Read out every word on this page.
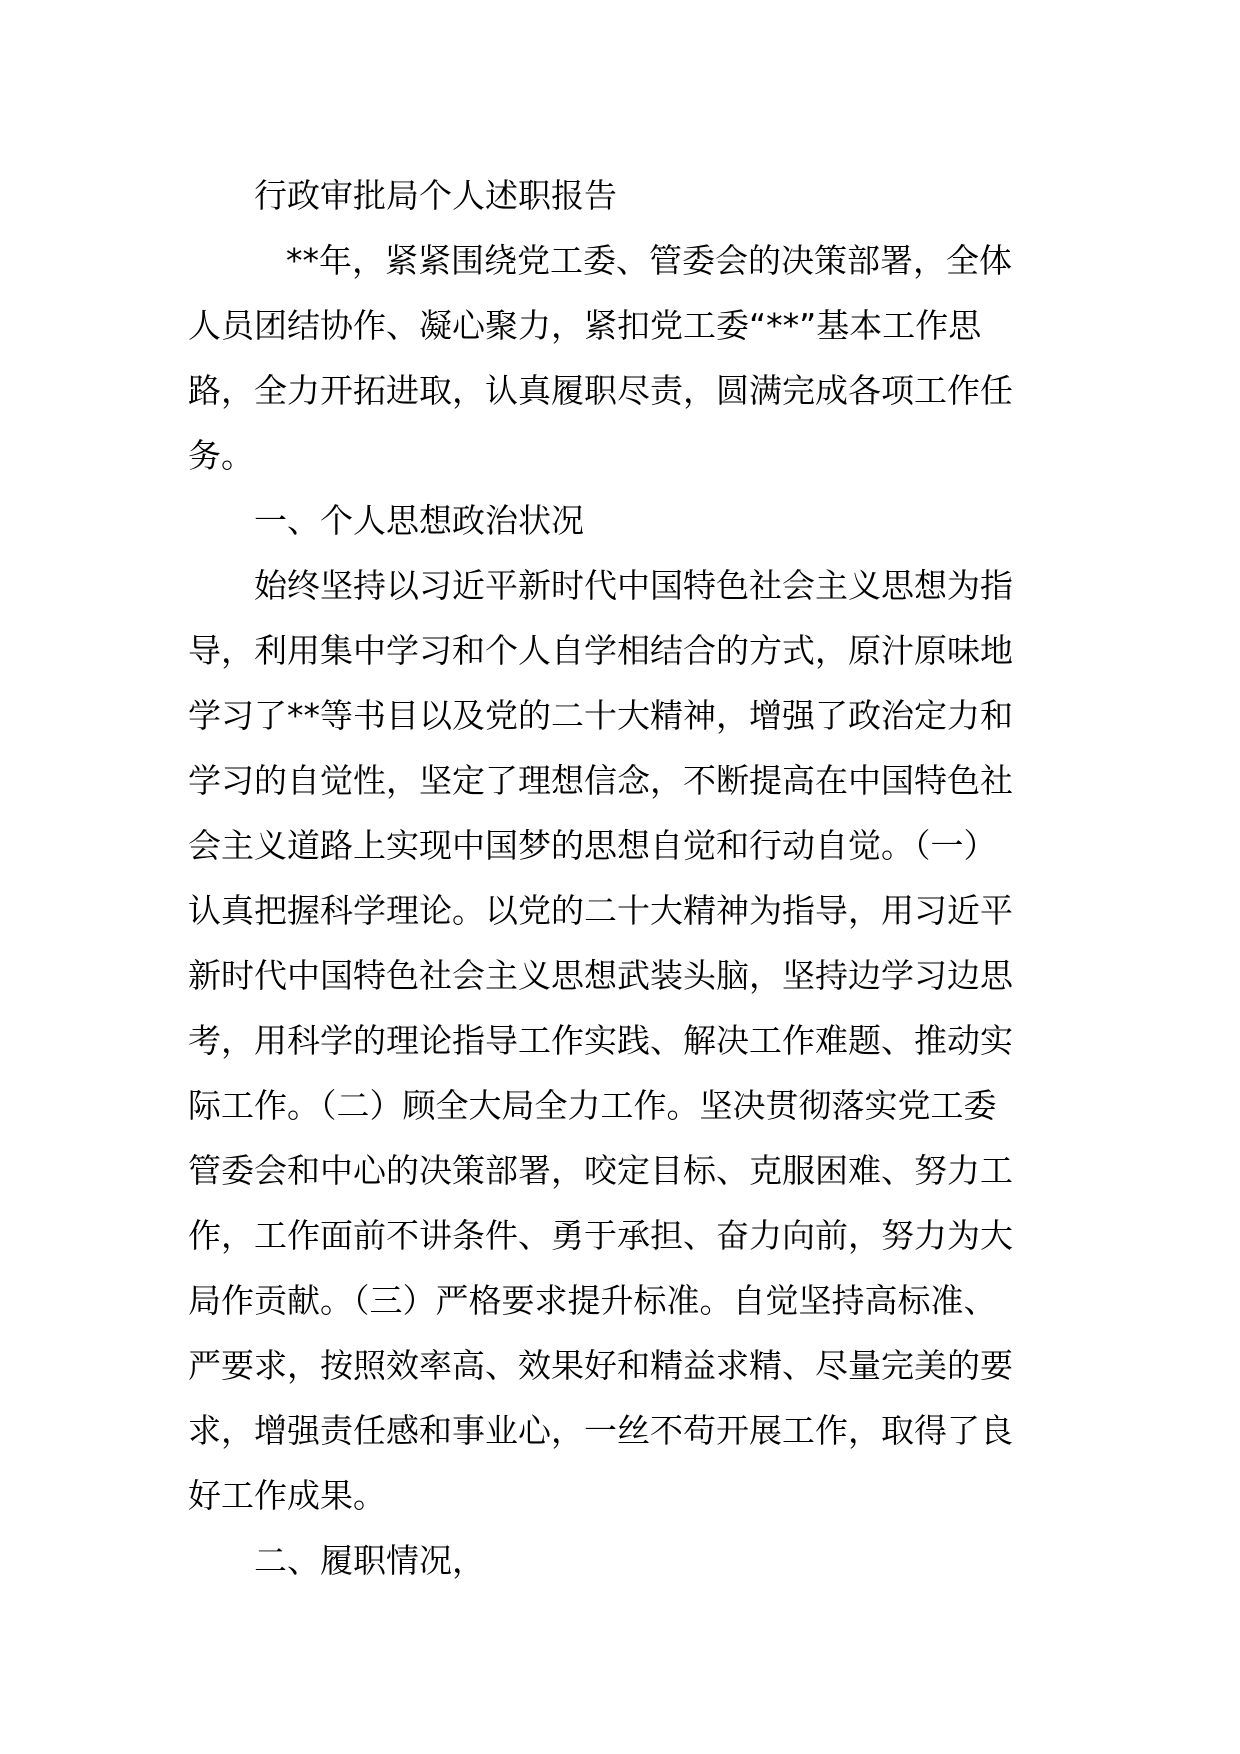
行政审批局个人述职报告
**年，紧紧围绕党工委、管委会的决策部署，全体
人员团结协作、凝心聚力，紧扣党工委“**”基本工作思
路，全力开拓进取，认真履职尽责，圆满完成各项工作任
务。
一、个人思想政治状况
始终坚持以习近平新时代中国特色社会主义思想为指
导，利用集中学习和个人自学相结合的方式，原汁原味地
学习了**等书目以及党的二十大精神，增强了政治定力和
学习的自觉性，坚定了理想信念，不断提高在中国特色社
会主义道路上实现中国梦的思想自觉和行动自觉。（一）
认真把握科学理论。以党的二十大精神为指导，用习近平
新时代中国特色社会主义思想武装头脑，坚持边学习边思
考，用科学的理论指导工作实践、解决工作难题、推动实
际工作。（二）顾全大局全力工作。坚决贯彻落实党工委
管委会和中心的决策部署，咬定目标、克服困难、努力工
作，工作面前不讲条件、勇于承担、奋力向前，努力为大
局作贡献。（三）严格要求提升标准。自觉坚持高标准、
严要求，按照效率高、效果好和精益求精、尽量完美的要
求，增强责任感和事业心，一丝不苟开展工作，取得了良
好工作成果。
二、履职情况，
